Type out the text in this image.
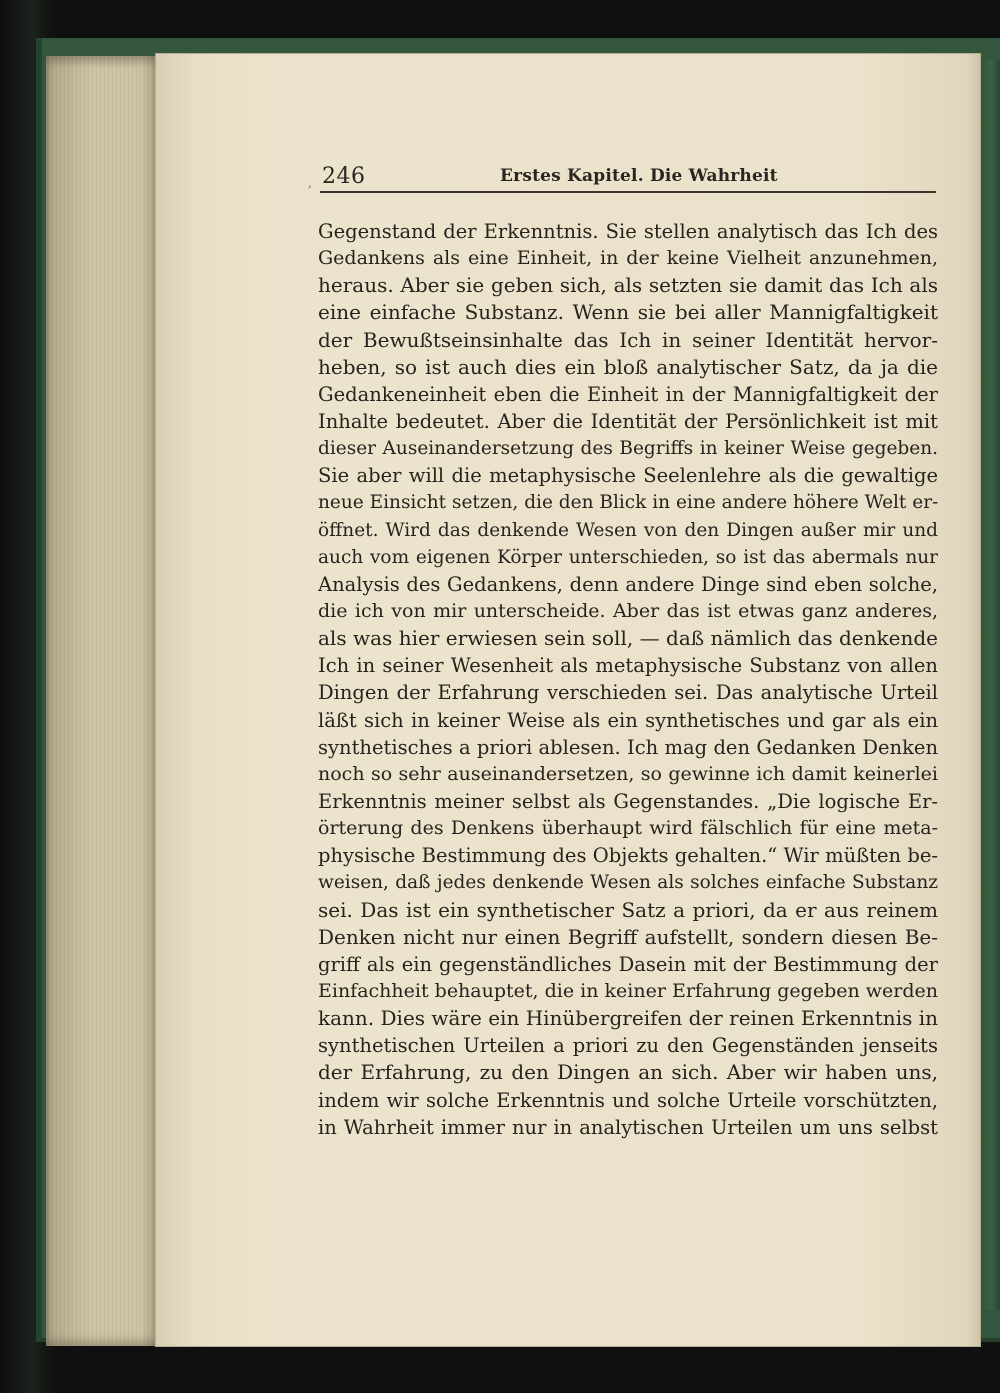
, 246	Erstes Kapitel. Die Wahrheit
Gegenstand der Erkenntnis. Sie stellen analytisch das Ich des
Gedankens als eine Einheit, in der keine Vielheit anzunehmen,
heraus. Aber sie geben sich, als setzten sie damit das Ich als
eine einfache Substanz. Wenn sie bei aller Mannigfaltigkeit
der Bewußtseinsinhalte das Ich in seiner Identität hervor-
heben, so ist auch dies ein bloß analytischer Satz, da ja die
Gedankeneinheit eben die Einheit in der Mannigfaltigkeit der
Inhalte bedeutet. Aber die Identität der Persönlichkeit ist mit
dieser Auseinandersetzung des Begriffs in keiner Weise gegeben.
Sie aber will die metaphysische Seelenlehre als die gewaltige
neue Einsicht setzen, die den Blick in eine andere höhere Welt er-
öffnet. Wird das denkende Wesen von den Dingen außer mir und
auch vom eigenen Körper unterschieden, so ist das abermals nur
Analysis des Gedankens, denn andere Dinge sind eben solche,
die ich von mir unterscheide. Aber das ist etwas ganz anderes,
als was hier erwiesen sein soll, — daß nämlich das denkende
Ich in seiner Wesenheit als metaphysische Substanz von allen
Dingen der Erfahrung verschieden sei. Das analytische Urteil
läßt sich in keiner Weise als ein synthetisches und gar als ein
synthetisches a priori ablesen. Ich mag den Gedanken Denken
noch so sehr auseinandersetzen, so gewinne ich damit keinerlei
Erkenntnis meiner selbst als Gegenstandes. „Die logische Er-
örterung des Denkens überhaupt wird fälschlich für eine meta-
physische Bestimmung des Objekts gehalten.“ Wir müßten be-
weisen, daß jedes denkende Wesen als solches einfache Substanz
sei. Das ist ein synthetischer Satz a priori, da er aus reinem
Denken nicht nur einen Begriff aufstellt, sondern diesen Be-
griff als ein gegenständliches Dasein mit der Bestimmung der
Einfachheit behauptet, die in keiner Erfahrung gegeben werden
kann. Dies wäre ein Hinübergreifen der reinen Erkenntnis in
synthetischen Urteilen a priori zu den Gegenständen jenseits
der Erfahrung, zu den Dingen an sich. Aber wir haben uns,
indem wir solche Erkenntnis und solche Urteile vorschützten,
in Wahrheit immer nur in analytischen Urteilen um uns selbst
